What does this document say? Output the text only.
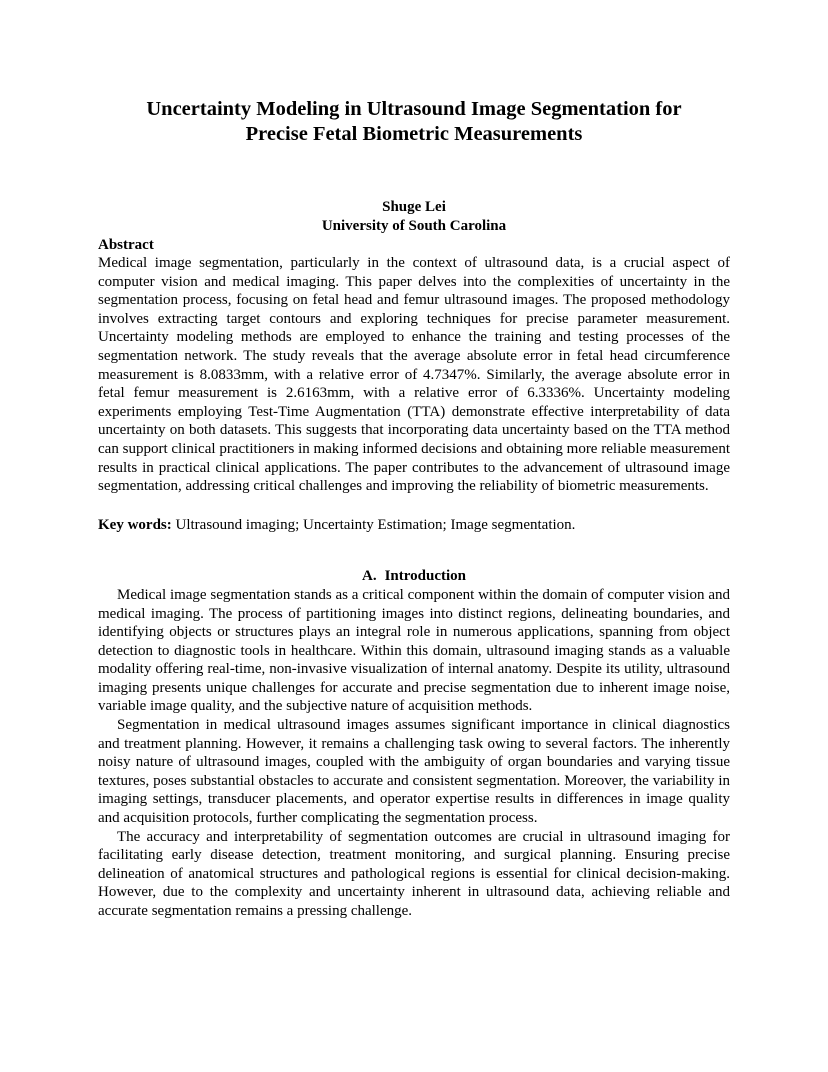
Uncertainty Modeling in Ultrasound Image Segmentation for
Precise Fetal Biometric Measurements
Shuge Lei
University of South Carolina

Abstract

Medical image segmentation, particularly in the context of ultrasound data, is a crucial aspect of computer vision and medical imaging. This paper delves into the complexities of uncertainty in the segmentation process, focusing on fetal head and femur ultrasound images. The proposed methodology involves extracting target contours and exploring techniques for precise parameter measurement. Uncertainty modeling methods are employed to enhance the training and testing processes of the segmentation network. The study reveals that the average absolute error in fetal head circumference measurement is 8.0833mm, with a relative error of 4.7347%. Similarly, the average absolute error in fetal femur measurement is 2.6163mm, with a relative error of 6.3336%. Uncertainty modeling experiments employing Test-Time Augmentation (TTA) demonstrate effective interpretability of data uncertainty on both datasets. This suggests that incorporating data uncertainty based on the TTA method can support clinical practitioners in making informed decisions and obtaining more reliable measurement results in practical clinical applications. The paper contributes to the advancement of ultrasound image segmentation, addressing critical challenges and improving the reliability of biometric measurements.

Key words: Ultrasound imaging; Uncertainty Estimation; Image segmentation.
A. Introduction

Medical image segmentation stands as a critical component within the domain of computer vision and medical imaging. The process of partitioning images into distinct regions, delineating boundaries, and identifying objects or structures plays an integral role in numerous applications, spanning from object detection to diagnostic tools in healthcare. Within this domain, ultrasound imaging stands as a valuable modality offering real-time, non-invasive visualization of internal anatomy. Despite its utility, ultrasound imaging presents unique challenges for accurate and precise segmentation due to inherent image noise, variable image quality, and the subjective nature of acquisition methods.

Segmentation in medical ultrasound images assumes significant importance in clinical diagnostics and treatment planning. However, it remains a challenging task owing to several factors. The inherently noisy nature of ultrasound images, coupled with the ambiguity of organ boundaries and varying tissue textures, poses substantial obstacles to accurate and consistent segmentation. Moreover, the variability in imaging settings, transducer placements, and operator expertise results in differences in image quality and acquisition protocols, further complicating the segmentation process.

The accuracy and interpretability of segmentation outcomes are crucial in ultrasound imaging for facilitating early disease detection, treatment monitoring, and surgical planning. Ensuring precise delineation of anatomical structures and pathological regions is essential for clinical decision-making. However, due to the complexity and uncertainty inherent in ultrasound data, achieving reliable and accurate segmentation remains a pressing challenge.
